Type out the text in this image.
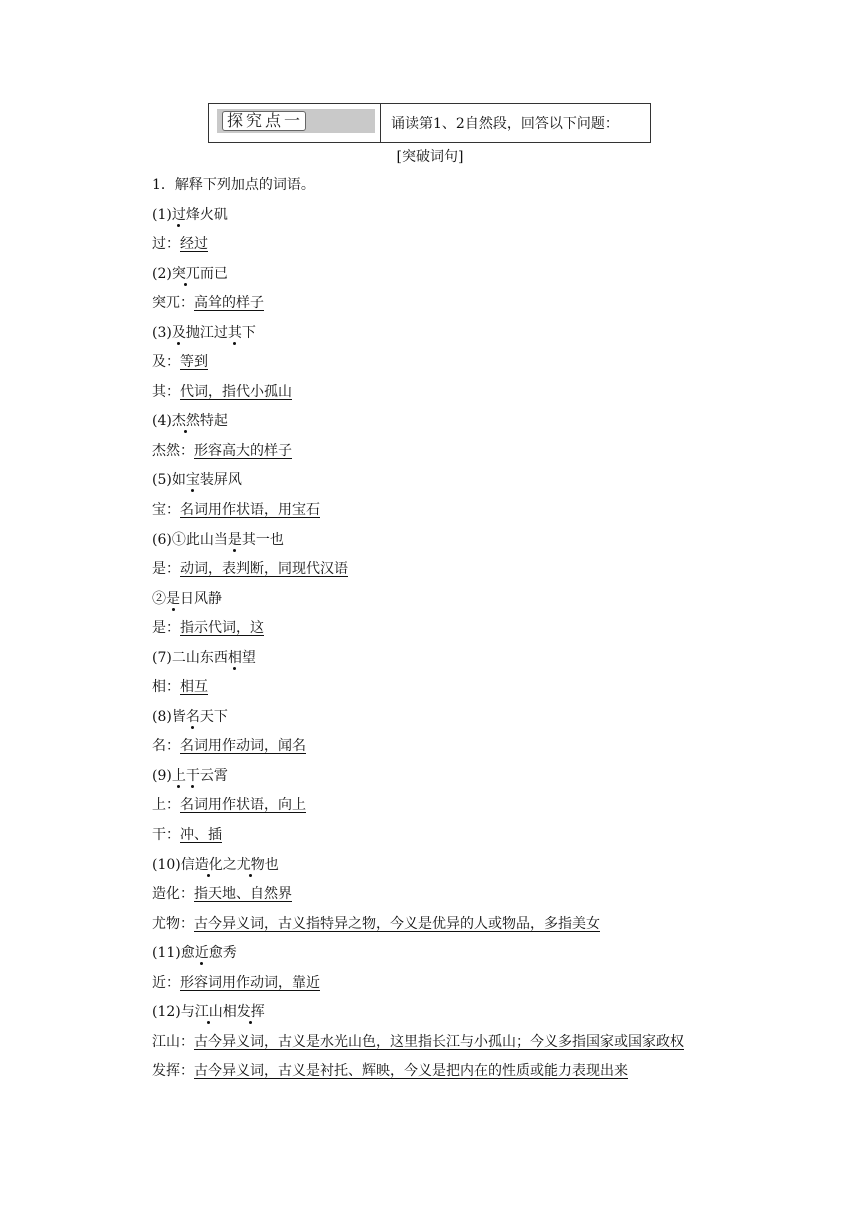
探究点一	诵读第1、2自然段，回答以下问题：
[突破词句]
1．解释下列加点的词语。
(1)过烽火矶
过：经过
(2)突兀而已
突兀：高耸的样子
(3)及抛江过其下
及：等到
其：代词，指代小孤山
(4)杰然特起
杰然：形容高大的样子
(5)如宝装屏风
宝：名词用作状语，用宝石
(6)①此山当是其一也
是：动词，表判断，同现代汉语
②是日风静
是：指示代词，这
(7)二山东西相望
相：相互
(8)皆名天下
名：名词用作动词，闻名
(9)上干云霄
上：名词用作状语，向上
干：冲、插
(10)信造化之尤物也
造化：指天地、自然界
尤物：古今异义词，古义指特异之物，今义是优异的人或物品，多指美女
(11)愈近愈秀
近：形容词用作动词，靠近
(12)与江山相发挥
江山：古今异义词，古义是水光山色，这里指长江与小孤山；今义多指国家或国家政权
发挥：古今异义词，古义是衬托、辉映，今义是把内在的性质或能力表现出来
